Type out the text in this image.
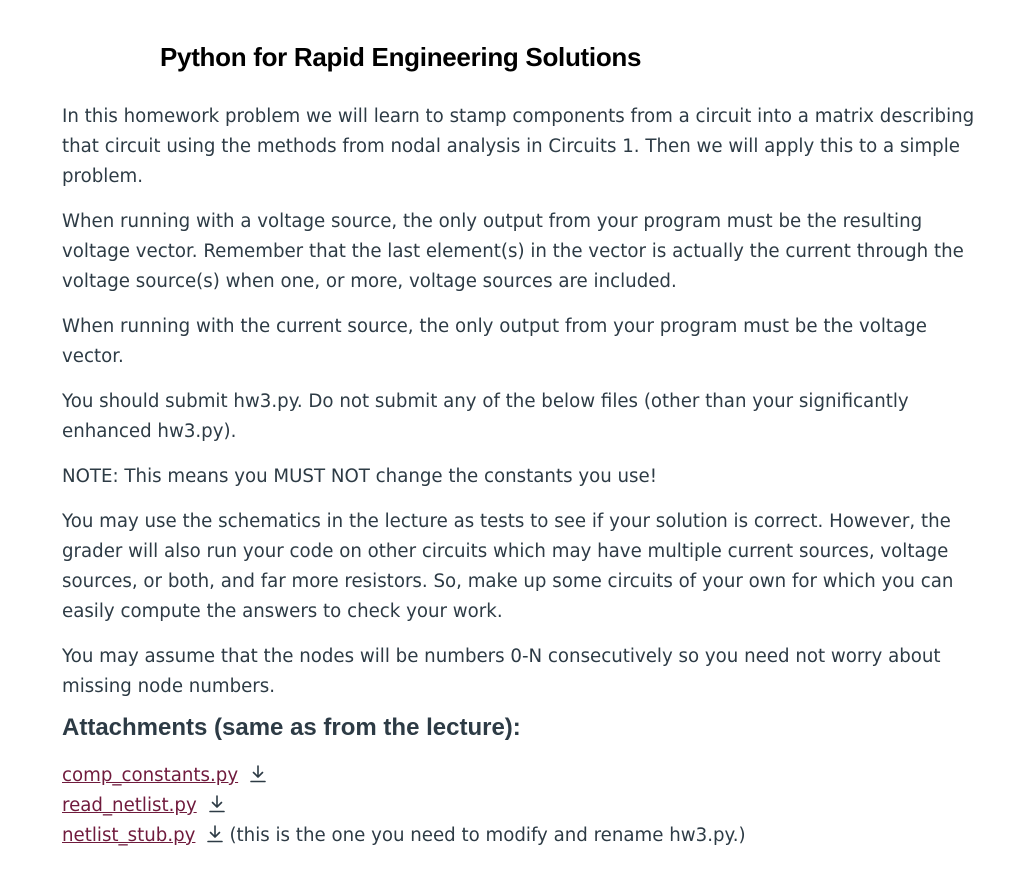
Python for Rapid Engineering Solutions

In this homework problem we will learn to stamp components from a circuit into a matrix describing that circuit using the methods from nodal analysis in Circuits 1. Then we will apply this to a simple problem.

When running with a voltage source, the only output from your program must be the resulting voltage vector. Remember that the last element(s) in the vector is actually the current through the voltage source(s) when one, or more, voltage sources are included.

When running with the current source, the only output from your program must be the voltage vector.

You should submit hw3.py. Do not submit any of the below files (other than your significantly enhanced hw3.py).

NOTE: This means you MUST NOT change the constants you use!

You may use the schematics in the lecture as tests to see if your solution is correct. However, the grader will also run your code on other circuits which may have multiple current sources, voltage sources, or both, and far more resistors. So, make up some circuits of your own for which you can easily compute the answers to check your work.

You may assume that the nodes will be numbers 0-N consecutively so you need not worry about missing node numbers.

Attachments (same as from the lecture):
comp_constants.py
read_netlist.py
netlist_stub.py (this is the one you need to modify and rename hw3.py.)
